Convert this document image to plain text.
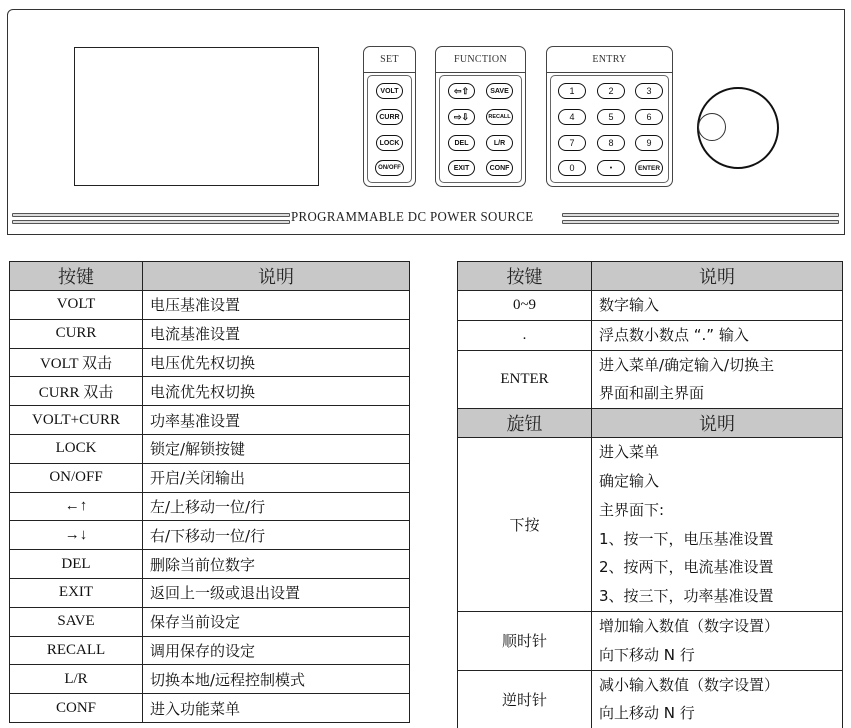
SET
VOLT
CURR
LOCK
ON/OFF
FUNCTION
⇦⇧	SAVE
⇨⇩	RECALL
DEL	L/R
EXIT	CONF
ENTRY
1	2	3
4	5	6
7	8	9
0	•	ENTER
PROGRAMMABLE DC POWER SOURCE
按键	说明
VOLT	电压基准设置
CURR	电流基准设置
VOLT 双击	电压优先权切换
CURR 双击	电流优先权切换
VOLT+CURR	功率基准设置
LOCK	锁定/解锁按键
ON/OFF	开启/关闭输出
←↑	左/上移动一位/行
→↓	右/下移动一位/行
DEL	删除当前位数字
EXIT	返回上一级或退出设置
SAVE	保存当前设定
RECALL	调用保存的设定
L/R	切换本地/远程控制模式
CONF	进入功能菜单
按键	说明
0~9	数字输入

.	浮点数小数点 “.” 输入

ENTER	进入菜单/确定输入/切换主
界面和副主界面

旋钮	说明
下按	
进入菜单
确定输入
主界面下:
1、按一下，电压基准设置
2、按两下，电流基准设置
3、按三下，功率基准设置

顺时针	增加输入数值（数字设置）
向下移动 N 行

逆时针	减小输入数值（数字设置）
向上移动 N 行
